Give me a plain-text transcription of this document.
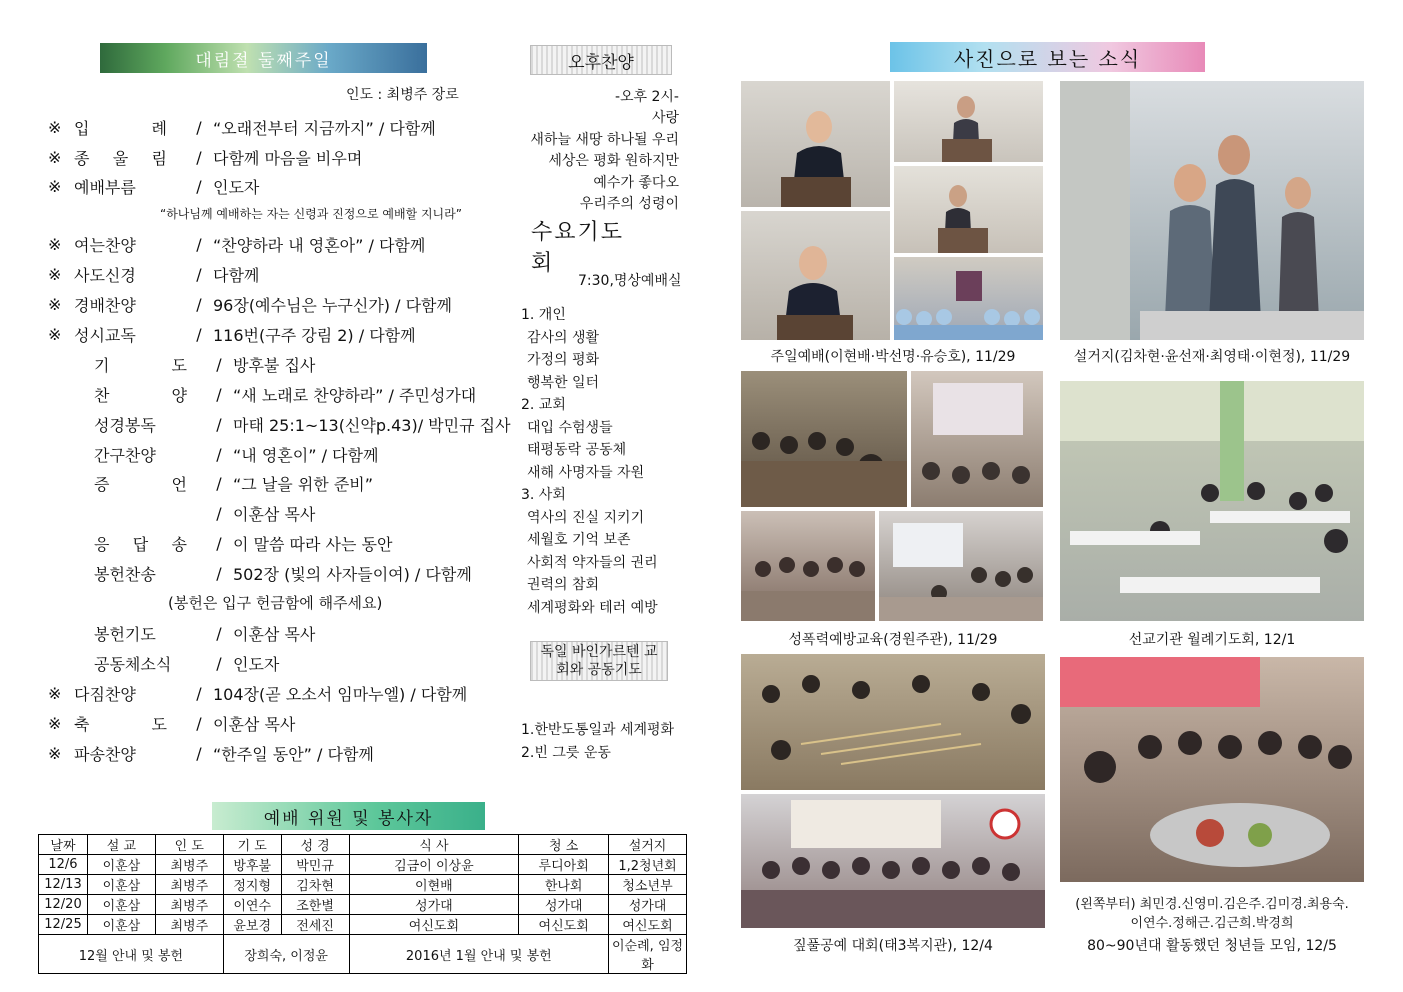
대림절 둘째주일
인도 : 최병주 장로
※ 입 례	/ “오래전부터 지금까지” / 다함께
※ 종 울 림	/ 다함께 마음을 비우며
※ 예배부름	/ 인도자
※ 여는찬양	/ “찬양하라 내 영혼아” / 다함께
※ 사도신경	/ 다함께
※ 경배찬양	/ 96장(예수님은 누구신가) / 다함께
※ 성시교독	/ 116번(구주 강림 2) / 다함께
기 도	/ 방후불 집사
찬 양	/ “새 노래로 찬양하라” / 주민성가대
성경봉독	/ 마태 25:1~13(신약p.43)/ 박민규 집사
간구찬양	/ “내 영혼이” / 다함께
증 언	/ “그 날을 위한 준비”
/ 이훈삼 목사
응 답 송	/ 이 말씀 따라 사는 동안
봉헌찬송	/ 502장 (빛의 사자들이여) / 다함께
봉헌기도	/ 이훈삼 목사
공동체소식	/ 인도자
※ 다짐찬양	/ 104장(곧 오소서 임마누엘) / 다함께
※ 축 도	/ 이훈삼 목사
※ 파송찬양	/ “한주일 동안” / 다함께
“하나님께 예배하는 자는 신령과 진정으로 예배할 지니라”
(봉헌은 입구 헌금함에 해주세요)
예배 위원 및 봉사자
날짜	설 교	인 도	기 도	성 경	식 사	청 소	설거지
12/6	이훈삼	최병주	방후불	박민규	김금이 이상윤	루디아회	1,2청년회
12/13	이훈삼	최병주	정지형	김차현	이현배	한나회	청소년부
12/20	이훈삼	최병주	이연수	조한별	성가대	성가대	성가대
12/25	이훈삼	최병주	윤보경	전세진	여신도회	여신도회	여신도회
12월 안내 및 봉헌			장희숙, 이정윤		2016년 1월 안내 및 봉헌		이순례, 임정화
오후찬양
-오후 2시-
사랑
새하늘 새땅 하나될 우리
세상은 평화 원하지만
예수가 좋다오
우리주의 성령이
수요기도회
7:30,명상예배실
1. 개인
감사의 생활
가정의 평화
행복한 일터
2. 교회
대입 수험생들
태평동락 공동체
새해 사명자들 자원
3. 사회
역사의 진실 지키기
세월호 기억 보존
사회적 약자들의 권리
권력의 참회
세계평화와 테러 예방
독일 바인가르텐 교회와 공동기도
1.한반도통일과 세계평화
2.빈 그릇 운동
사진으로 보는 소식
주일예배(이현배·박선명·유승호), 11/29	설거지(김차현·윤선재·최영태·이현정), 11/29
성폭력예방교육(경원주관), 11/29	선교기관 월례기도회, 12/1
짚풀공예 대회(태3복지관), 12/4
(왼쪽부터) 최민경.신영미.김은주.김미경.최용숙.
이연수.정해근.김근희.박경희
80~90년대 활동했던 청년들 모임, 12/5
